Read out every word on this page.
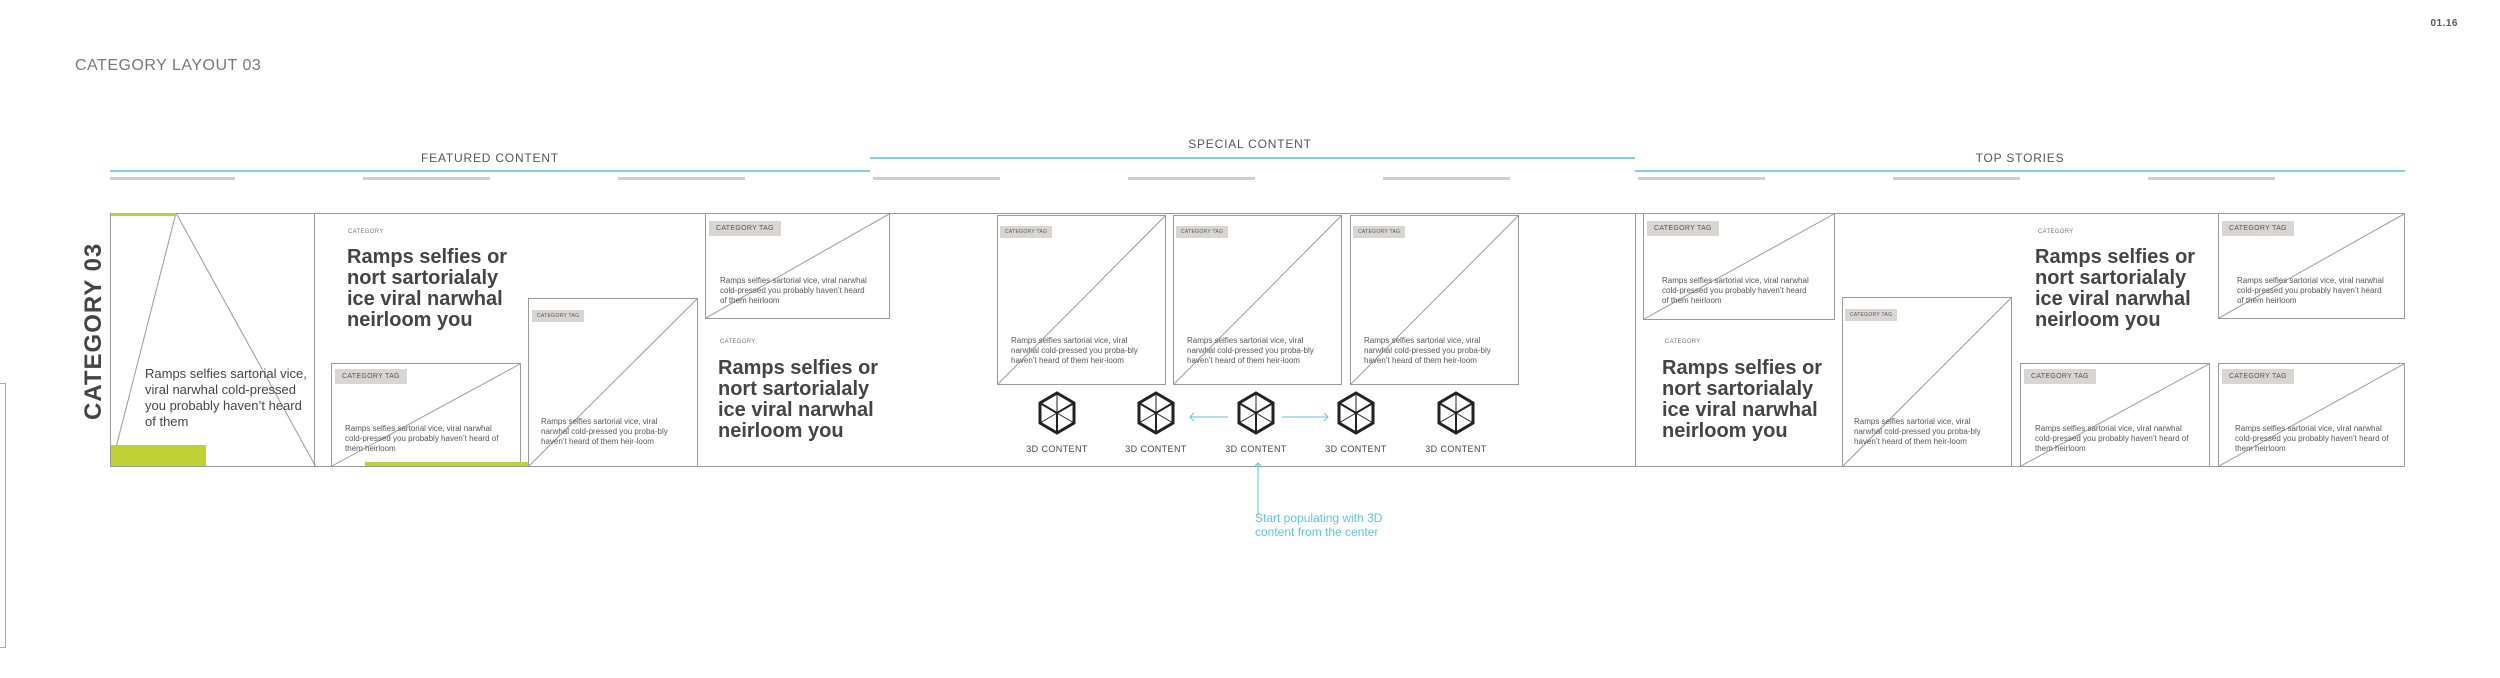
01.16
CATEGORY LAYOUT 03
FEATURED CONTENT
SPECIAL CONTENT
TOP STORIES
CATEGORY 03	Ramps selfies sartorial vice, viral narwhal cold-pressed you probably haven’t heard of them
CATEGORY
Ramps selfies or nort sartorialaly ice viral narwhal neirloom you
CATEGORY TAG
Ramps selfies sartorial vice, viral narwhal cold-pressed you probably haven’t heard of them heirloom
CATEGORY TAG
Ramps selfies sartorial vice, viral narwhal cold-pressed you proba-bly haven’t heard of them heir-loom
CATEGORY TAG
Ramps selfies sartorial vice, viral narwhal cold-pressed you probably haven’t heard of them heirloom
CATEGORY
Ramps selfies or nort sartorialaly ice viral narwhal neirloom you
CATEGORY TAG
Ramps selfies sartorial vice, viral narwhal cold-pressed you proba-bly haven’t heard of them heir-loom
CATEGORY TAG
Ramps selfies sartorial vice, viral narwhal cold-pressed you proba-bly haven’t heard of them heir-loom
CATEGORY TAG
Ramps selfies sartorial vice, viral narwhal cold-pressed you proba-bly haven’t heard of them heir-loom
3D CONTENT	3D CONTENT	3D CONTENT	3D CONTENT	3D CONTENT
Start populating with 3D content from the center
CATEGORY TAG
Ramps selfies sartorial vice, viral narwhal cold-pressed you probably haven’t heard of them heirloom
CATEGORY
Ramps selfies or nort sartorialaly ice viral narwhal neirloom you
CATEGORY TAG
Ramps selfies sartorial vice, viral narwhal cold-pressed you proba-bly haven’t heard of them heir-loom
CATEGORY
Ramps selfies or nort sartorialaly ice viral narwhal neirloom you
CATEGORY TAG
Ramps selfies sartorial vice, viral narwhal cold-pressed you probably haven’t heard of them heirloom
CATEGORY TAG
Ramps selfies sartorial vice, viral narwhal cold-pressed you probably haven’t heard of them heirloom
CATEGORY TAG
Ramps selfies sartorial vice, viral narwhal cold-pressed you probably haven’t heard of them heirloom
